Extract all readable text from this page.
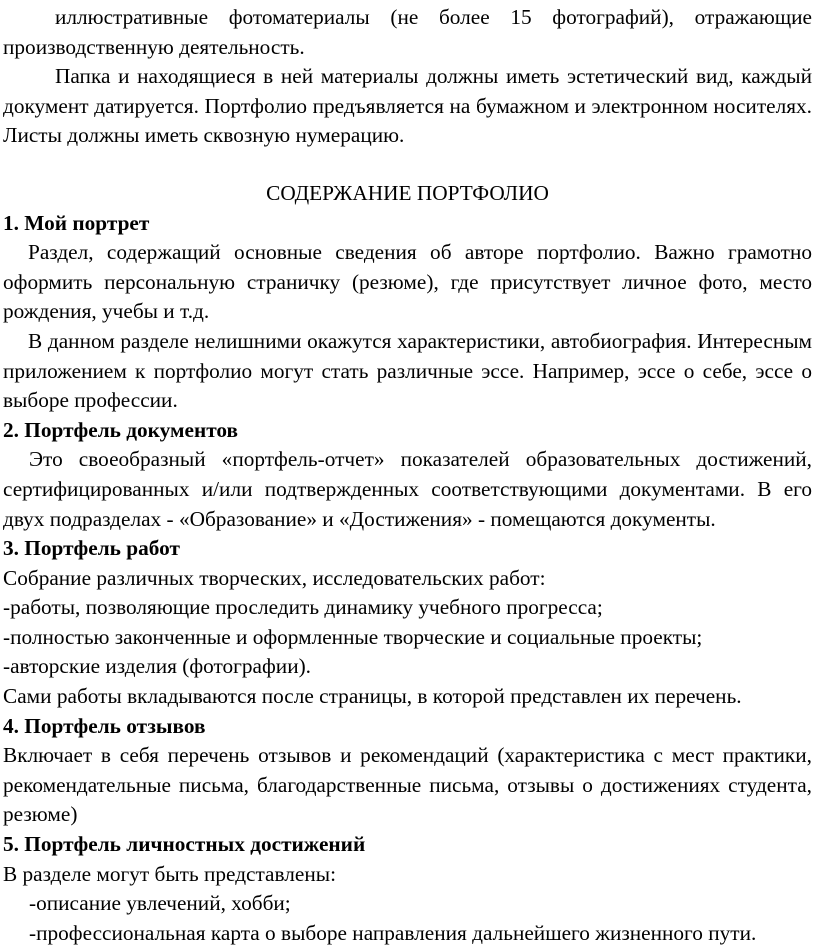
иллюстративные фотоматериалы (не более 15 фотографий), отражающие производственную деятельность.

Папка и находящиеся в ней материалы должны иметь эстетический вид, каждый документ датируется. Портфолио предъявляется на бумажном и электронном носителях. Листы должны иметь сквозную нумерацию.

СОДЕРЖАНИЕ ПОРТФОЛИО

1. Мой портрет

Раздел, содержащий основные сведения об авторе портфолио. Важно грамотно оформить персональную страничку (резюме), где присутствует личное фото, место рождения, учебы и т.д.

В данном разделе нелишними окажутся характеристики, автобиография. Интересным приложением к портфолио могут стать различные эссе. Например, эссе о себе, эссе о выборе профессии.

2. Портфель документов

Это своеобразный «портфель-отчет» показателей образовательных достижений, сертифицированных и/или подтвержденных соответствующими документами. В его двух подразделах - «Образование» и «Достижения» - помещаются документы.

3. Портфель работ

Собрание различных творческих, исследовательских работ:

-работы, позволяющие проследить динамику учебного прогресса;

-полностью законченные и оформленные творческие и социальные проекты;

-авторские изделия (фотографии).

Сами работы вкладываются после страницы, в которой представлен их перечень.

4. Портфель отзывов

Включает в себя перечень отзывов и рекомендаций (характеристика с мест практики, рекомендательные письма, благодарственные письма, отзывы о достижениях студента, резюме)

5. Портфель личностных достижений

В разделе могут быть представлены:

-описание увлечений, хобби;

-профессиональная карта о выборе направления дальнейшего жизненного пути.
